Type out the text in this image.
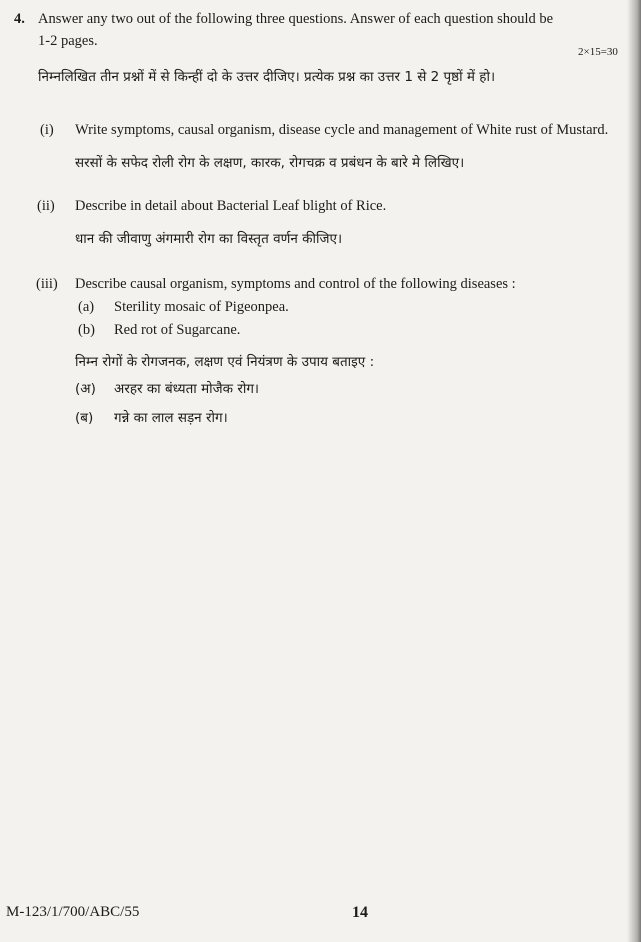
4. Answer any two out of the following three questions. Answer of each question should be
1-2 pages.
2×15=30
निम्नलिखित तीन प्रश्नों में से किन्हीं दो के उत्तर दीजिए। प्रत्येक प्रश्न का उत्तर 1 से 2 पृष्ठों में हो।
(i) Write symptoms, causal organism, disease cycle and management of White rust of Mustard.
सरसों के सफेद रोली रोग के लक्षण, कारक, रोगचक्र व प्रबंधन के बारे मे लिखिए।
(ii) Describe in detail about Bacterial Leaf blight of Rice.
धान की जीवाणु अंगमारी रोग का विस्तृत वर्णन कीजिए।
(iii) Describe causal organism, symptoms and control of the following diseases :
(a) Sterility mosaic of Pigeonpea.
(b) Red rot of Sugarcane.
निम्न रोगों के रोगजनक, लक्षण एवं नियंत्रण के उपाय बताइए :
(अ) अरहर का बंध्यता मोजैक रोग।
(ब) गन्ने का लाल सड़न रोग।
M-123/1/700/ABC/55	14
